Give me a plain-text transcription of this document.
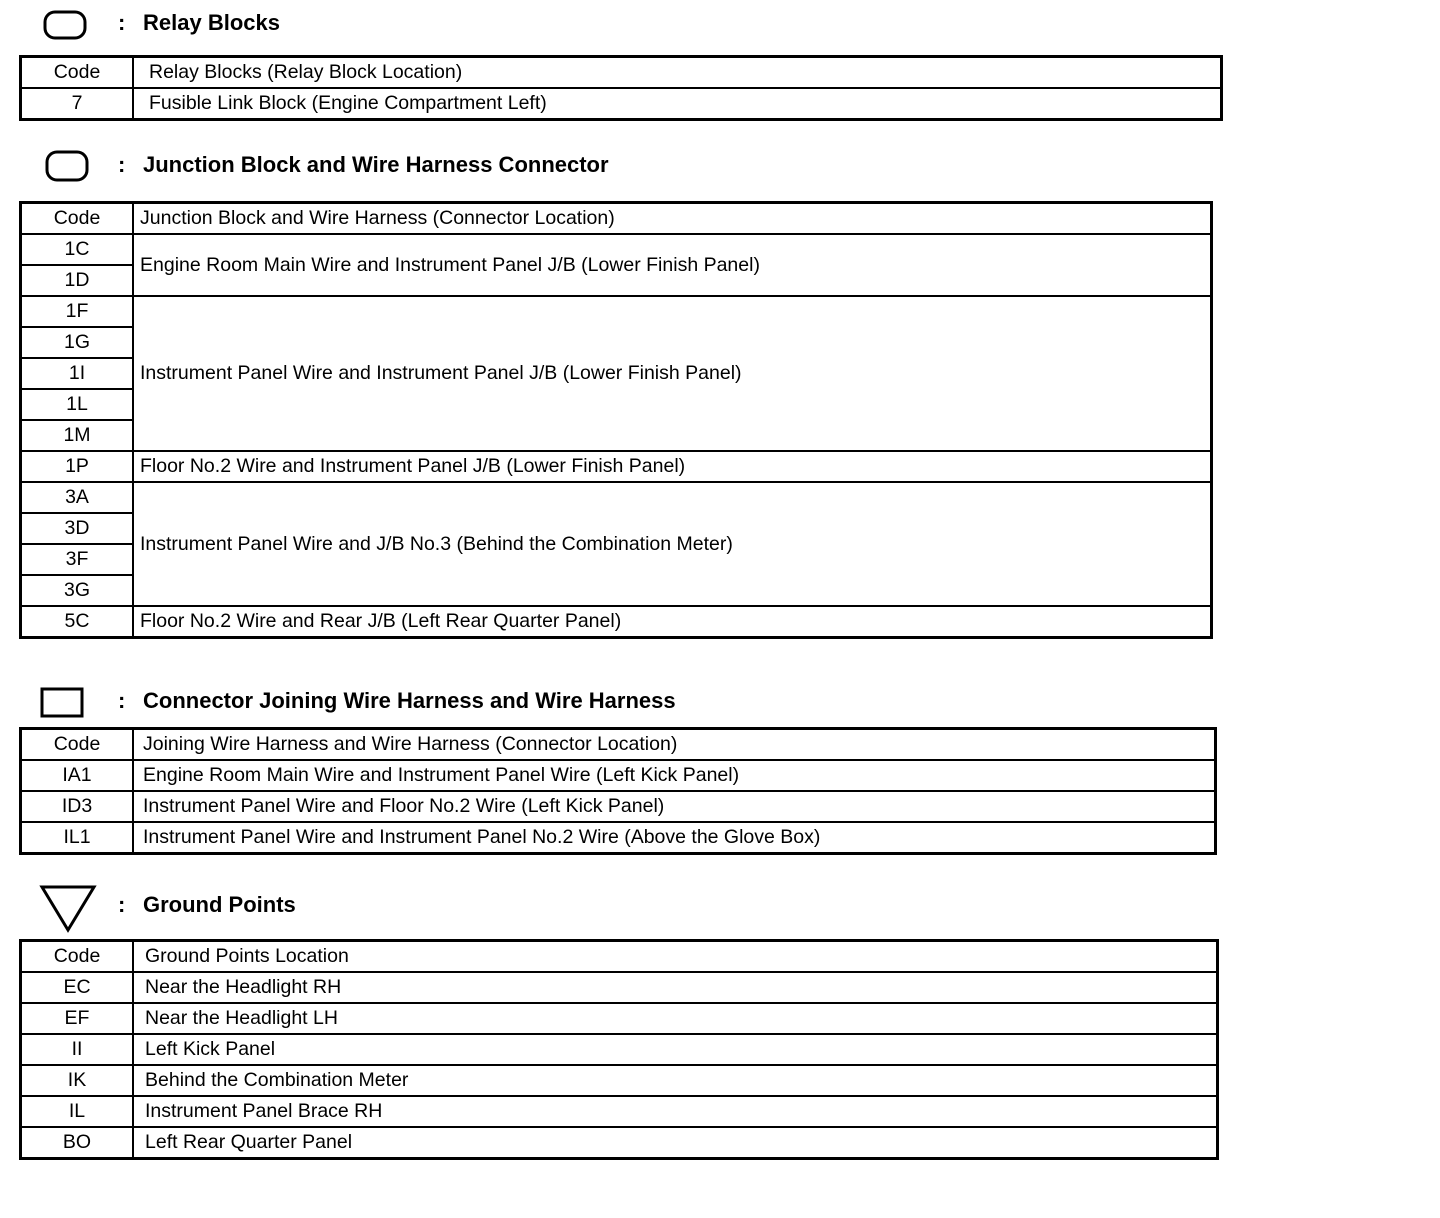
: Relay Blocks
Code	Relay Blocks (Relay Block Location)
7	Fusible Link Block (Engine Compartment Left)
: Junction Block and Wire Harness Connector
Code	Junction Block and Wire Harness (Connector Location)
1C	Engine Room Main Wire and Instrument Panel J/B (Lower Finish Panel)
1D	
1F	Instrument Panel Wire and Instrument Panel J/B (Lower Finish Panel)
1G	
1I	
1L	
1M	
1P	Floor No.2 Wire and Instrument Panel J/B (Lower Finish Panel)
3A	Instrument Panel Wire and J/B No.3 (Behind the Combination Meter)
3D	
3F	
3G	
5C	Floor No.2 Wire and Rear J/B (Left Rear Quarter Panel)
: Connector Joining Wire Harness and Wire Harness
Code	Joining Wire Harness and Wire Harness (Connector Location)
IA1	Engine Room Main Wire and Instrument Panel Wire (Left Kick Panel)
ID3	Instrument Panel Wire and Floor No.2 Wire (Left Kick Panel)
IL1	Instrument Panel Wire and Instrument Panel No.2 Wire (Above the Glove Box)
: Ground Points
Code	Ground Points Location
EC	Near the Headlight RH
EF	Near the Headlight LH
II	Left Kick Panel
IK	Behind the Combination Meter
IL	Instrument Panel Brace RH
BO	Left Rear Quarter Panel
